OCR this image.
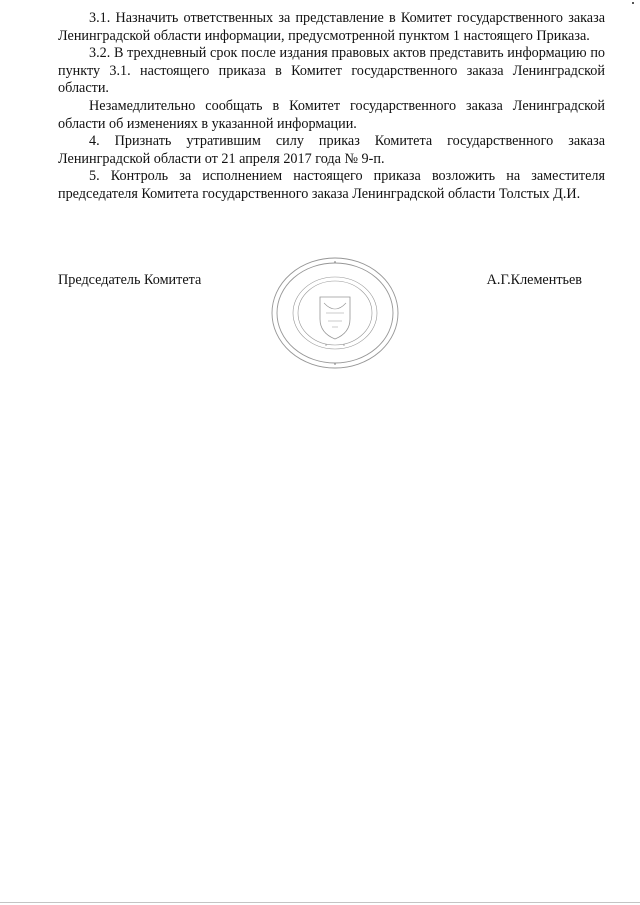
3.1. Назначить ответственных за представление в Комитет государственного заказа Ленинградской области информации, предусмотренной пунктом 1 настоящего Приказа.

3.2. В трехдневный срок после издания правовых актов представить информацию по пункту 3.1. настоящего приказа в Комитет государственного заказа Ленинградской области.

Незамедлительно сообщать в Комитет государственного заказа Ленинградской области об изменениях в указанной информации.

4. Признать утратившим силу приказ Комитета государственного заказа Ленинградской области от 21 апреля 2017 года № 9-п.

5. Контроль за исполнением настоящего приказа возложить на заместителя председателя Комитета государственного заказа Ленинградской области Толстых Д.И.

Председатель Комитета	А.Г.Клементьев
